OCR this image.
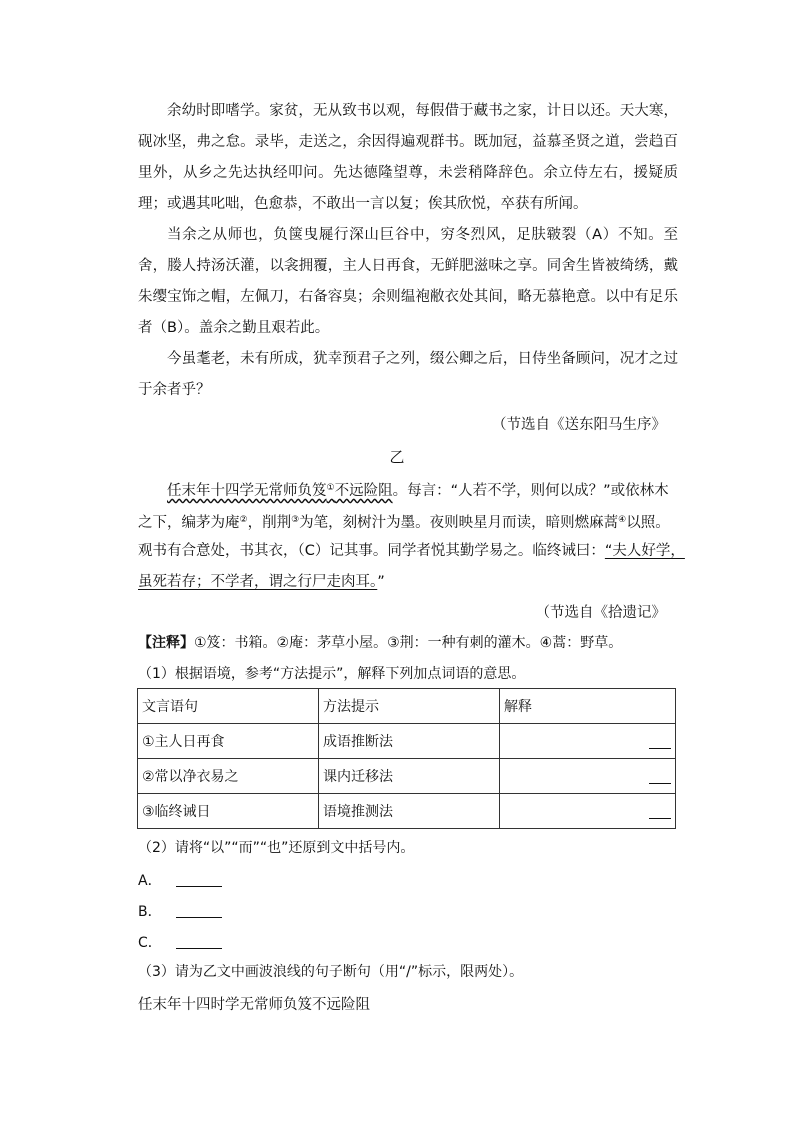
余幼时即嗜学。家贫，无从致书以观，每假借于藏书之家，计日以还。天大寒，砚冰坚，弗之怠。录毕，走送之，余因得遍观群书。既加冠，益慕圣贤之道，尝趋百里外，从乡之先达执经叩问。先达德隆望尊，未尝稍降辞色。余立侍左右，援疑质理；或遇其叱咄，色愈恭，不敢出一言以复；俟其欣悦，卒获有所闻。

当余之从师也，负箧曳屣行深山巨谷中，穷冬烈风，足肤皲裂（A）不知。至舍，媵人持汤沃灌，以衾拥覆，主人日再食，无鲜肥滋味之享。同舍生皆被绮绣，戴朱缨宝饰之帽，左佩刀，右备容臭；余则缊袍敝衣处其间，略无慕艳意。以中有足乐者（B）。盖余之勤且艰若此。

今虽耄老，未有所成，犹幸预君子之列，缀公卿之后，日侍坐备顾问，况才之过于余者乎？

（节选自《送东阳马生序》
乙
任末年十四学无常师负笈①不远险阻。每言：“人若不学，则何以成？”或依林木
之下，编茅为庵②，削荆③为笔，刻树汁为墨。夜则映星月而读，暗则燃麻蒿④以照。
观书有合意处，书其衣，（C）记其事。同学者悦其勤学易之。临终诫曰：“夫人好学，
虽死若存；不学者，谓之行尸走肉耳。”
（节选自《拾遗记》
【注释】①笈：书箱。②庵：茅草小屋。③荆：一种有刺的灌木。④蒿：野草。
（1）根据语境，参考“方法提示”，解释下列加点词语的意思。
文言语句	方法提示	解释
①主人日再食	成语推断法	

②常以净衣易之	课内迁移法	

③临终诫日	语境推测法	
（2）请将“以”“而”“也”还原到文中括号内。
A．
B．
C．
（3）请为乙文中画波浪线的句子断句（用“/”标示，限两处）。
任末年十四时学无常师负笈不远险阻
